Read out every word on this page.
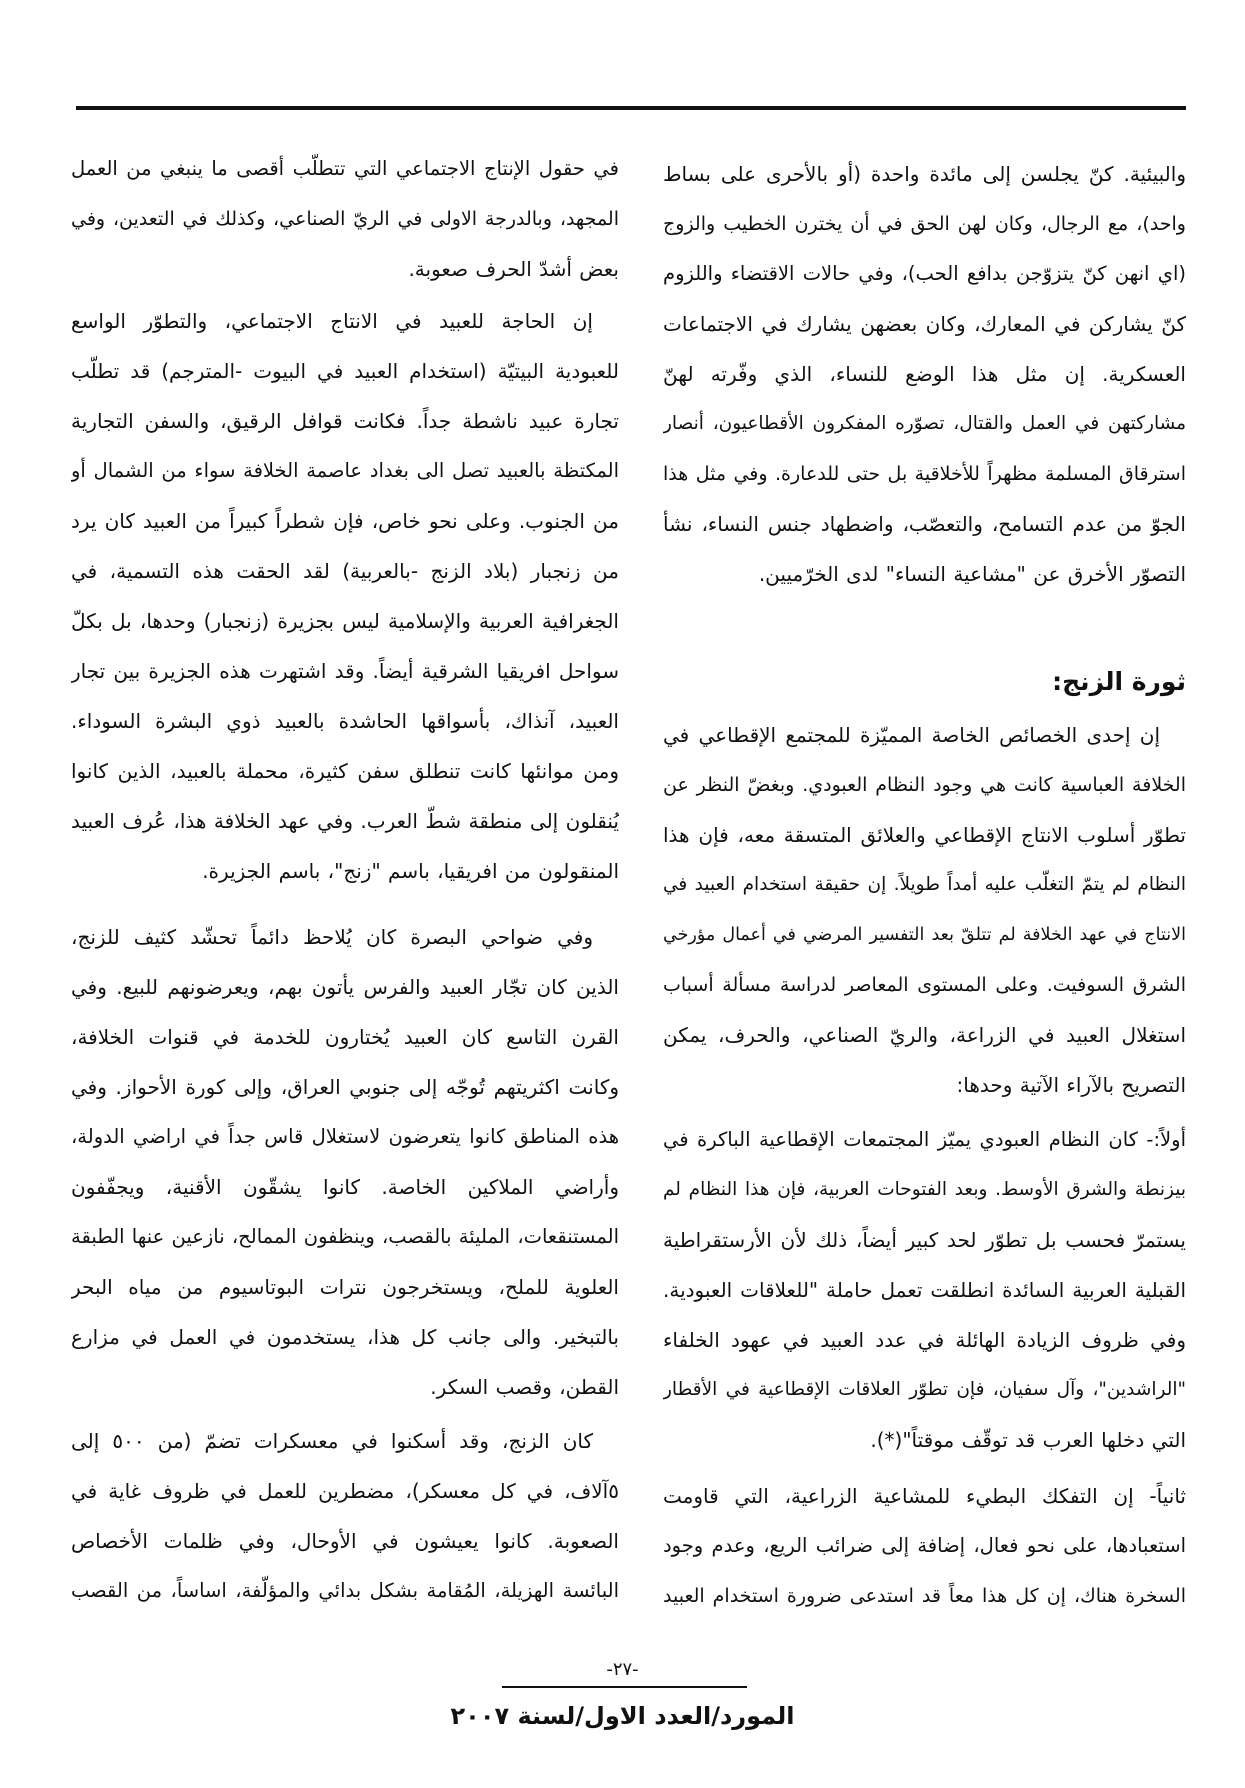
والبيئية. كنّ يجلسن إلى مائدة واحدة (أو بالأحرى على بساط
واحد)، مع الرجال، وكان لهن الحق في أن يخترن الخطيب والزوج
(اي انهن كنّ يتزوّجن بدافع الحب)، وفي حالات الاقتضاء واللزوم
كنّ يشاركن في المعارك، وكان بعضهن يشارك في الاجتماعات
العسكرية. إن مثل هذا الوضع للنساء، الذي وفّرته لهنّ
مشاركتهن في العمل والقتال، تصوّره المفكرون الأقطاعيون، أنصار
استرقاق المسلمة مظهراً للأخلاقية بل حتى للدعارة. وفي مثل هذا
الجوّ من عدم التسامح، والتعصّب، واضطهاد جنس النساء، نشأ
التصوّر الأخرق عن "مشاعية النساء" لدى الخرّميين.
ثورة الزنج:
إن إحدى الخصائص الخاصة المميّزة للمجتمع الإقطاعي في
الخلافة العباسية كانت هي وجود النظام العبودي. وبغضّ النظر عن
تطوّر أسلوب الانتاج الإقطاعي والعلائق المتسقة معه، فإن هذا
النظام لم يتمّ التغلّب عليه أمداً طويلاً. إن حقيقة استخدام العبيد في
الانتاج في عهد الخلافة لم تتلقّ بعد التفسير المرضي في أعمال مؤرخي
الشرق السوفيت. وعلى المستوى المعاصر لدراسة مسألة أسباب
استغلال العبيد في الزراعة، والريّ الصناعي، والحرف، يمكن
التصريح بالآراء الآتية وحدها:
أولاً:- كان النظام العبودي يميّز المجتمعات الإقطاعية الباكرة في
بيزنطة والشرق الأوسط. وبعد الفتوحات العربية، فإن هذا النظام لم
يستمرّ فحسب بل تطوّر لحد كبير أيضاً، ذلك لأن الأرستقراطية
القبلية العربية السائدة انطلقت تعمل حاملة "للعلاقات العبودية.
وفي ظروف الزيادة الهائلة في عدد العبيد في عهود الخلفاء
"الراشدين"، وآل سفيان، فإن تطوّر العلاقات الإقطاعية في الأقطار
التي دخلها العرب قد توقّف موقتاً"(*).
ثانياً- إن التفكك البطيء للمشاعية الزراعية، التي قاومت
استعبادها، على نحو فعال، إضافة إلى ضرائب الريع، وعدم وجود
السخرة هناك، إن كل هذا معاً قد استدعى ضرورة استخدام العبيد
في حقول الإنتاج الاجتماعي التي تتطلّب أقصى ما ينبغي من العمل
المجهد، وبالدرجة الاولى في الريّ الصناعي، وكذلك في التعدين، وفي
بعض أشدّ الحرف صعوبة.
إن الحاجة للعبيد في الانتاج الاجتماعي، والتطوّر الواسع
للعبودية البيتيّة (استخدام العبيد في البيوت -المترجم) قد تطلّب
تجارة عبيد ناشطة جداً. فكانت قوافل الرقيق، والسفن التجارية
المكتظة بالعبيد تصل الى بغداد عاصمة الخلافة سواء من الشمال أو
من الجنوب. وعلى نحو خاص، فإن شطراً كبيراً من العبيد كان يرد
من زنجبار (بلاد الزنج -بالعربية) لقد الحقت هذه التسمية، في
الجغرافية العربية والإسلامية ليس بجزيرة (زنجبار) وحدها، بل بكلّ
سواحل افريقيا الشرقية أيضاً. وقد اشتهرت هذه الجزيرة بين تجار
العبيد، آنذاك، بأسواقها الحاشدة بالعبيد ذوي البشرة السوداء.
ومن موانئها كانت تنطلق سفن كثيرة، محملة بالعبيد، الذين كانوا
يُنقلون إلى منطقة شطّ العرب. وفي عهد الخلافة هذا، عُرف العبيد
المنقولون من افريقيا، باسم "زنج"، باسم الجزيرة.
وفي ضواحي البصرة كان يُلاحظ دائماً تحشّد كثيف للزنج،
الذين كان تجّار العبيد والفرس يأتون بهم، ويعرضونهم للبيع. وفي
القرن التاسع كان العبيد يُختارون للخدمة في قنوات الخلافة،
وكانت اكثريتهم تُوجّه إلى جنوبي العراق، وإلى كورة الأحواز. وفي
هذه المناطق كانوا يتعرضون لاستغلال قاس جداً في اراضي الدولة،
وأراضي الملاكين الخاصة. كانوا يشقّون الأقنية، ويجفّفون
المستنقعات، المليئة بالقصب، وينظفون الممالح، نازعين عنها الطبقة
العلوية للملح، ويستخرجون نترات البوتاسيوم من مياه البحر
بالتبخير. والى جانب كل هذا، يستخدمون في العمل في مزارع
القطن، وقصب السكر.
كان الزنج، وقد أسكنوا في معسكرات تضمّ (من ٥٠٠ إلى
٥آلاف، في كل معسكر)، مضطرين للعمل في ظروف غاية في
الصعوبة. كانوا يعيشون في الأوحال، وفي ظلمات الأخصاص
البائسة الهزيلة، المُقامة بشكل بدائي والمؤلّفة، اساساً، من القصب
-٢٧-
المورد/العدد الاول/لسنة ٢٠٠٧
